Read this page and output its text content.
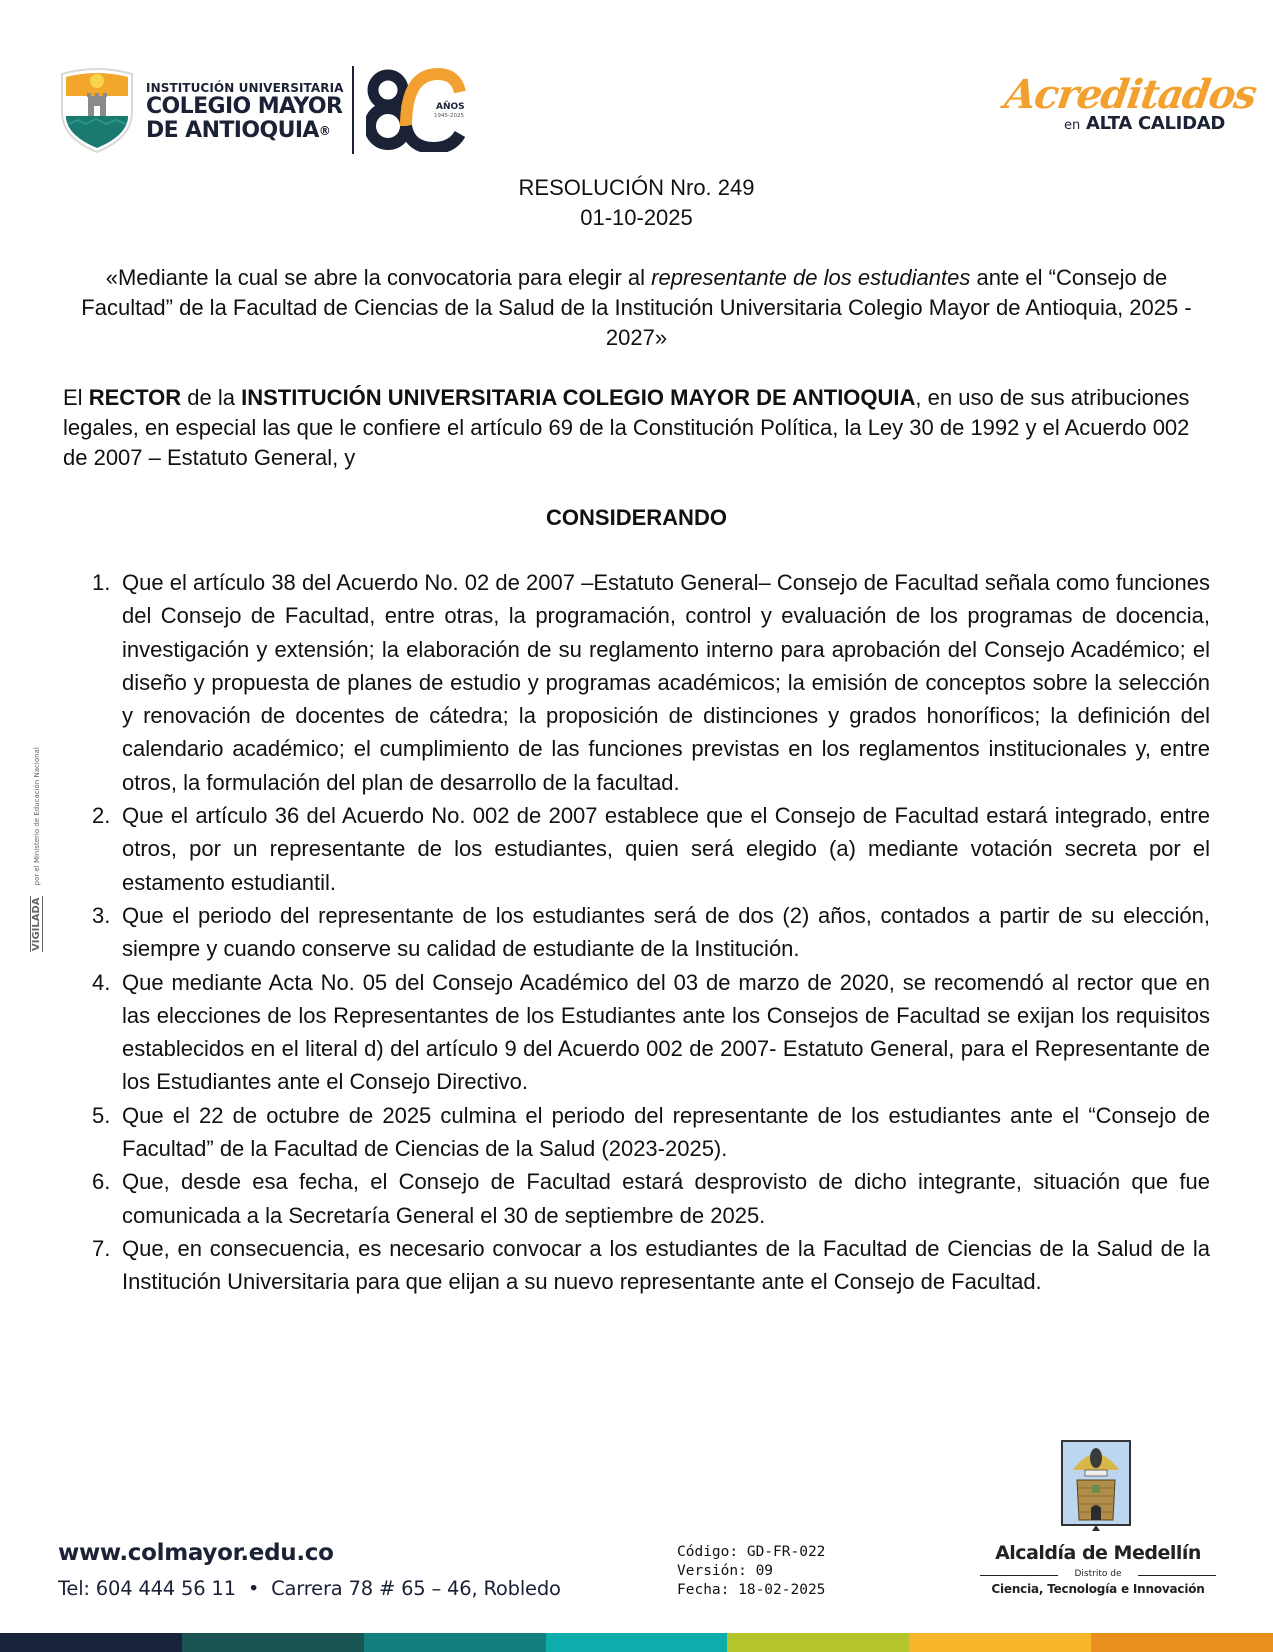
INSTITUCIÓN UNIVERSITARIA
COLEGIO MAYOR
DE ANTIOQUIA®
AÑOS
1945-2025	Acreditados
en ALTA CALIDAD
VIGILADA por el Ministerio de Educación Nacional
RESOLUCIÓN Nro. 249
01-10-2025
«Mediante la cual se abre la convocatoria para elegir al representante de los estudiantes ante el “Consejo de Facultad” de la Facultad de Ciencias de la Salud de la Institución Universitaria Colegio Mayor de Antioquia, 2025 - 2027»
El RECTOR de la INSTITUCIÓN UNIVERSITARIA COLEGIO MAYOR DE ANTIOQUIA, en uso de sus atribuciones legales, en especial las que le confiere el artículo 69 de la Constitución Política, la Ley 30 de 1992 y el Acuerdo 002 de 2007 – Estatuto General, y
CONSIDERANDO
1. Que el artículo 38 del Acuerdo No. 02 de 2007 –Estatuto General– Consejo de Facultad señala como funciones del Consejo de Facultad, entre otras, la programación, control y evaluación de los programas de docencia, investigación y extensión; la elaboración de su reglamento interno para aprobación del Consejo Académico; el diseño y propuesta de planes de estudio y programas académicos; la emisión de conceptos sobre la selección y renovación de docentes de cátedra; la proposición de distinciones y grados honoríficos; la definición del calendario académico; el cumplimiento de las funciones previstas en los reglamentos institucionales y, entre otros, la formulación del plan de desarrollo de la facultad.
2. Que el artículo 36 del Acuerdo No. 002 de 2007 establece que el Consejo de Facultad estará integrado, entre otros, por un representante de los estudiantes, quien será elegido (a) mediante votación secreta por el estamento estudiantil.
3. Que el periodo del representante de los estudiantes será de dos (2) años, contados a partir de su elección, siempre y cuando conserve su calidad de estudiante de la Institución.
4. Que mediante Acta No. 05 del Consejo Académico del 03 de marzo de 2020, se recomendó al rector que en las elecciones de los Representantes de los Estudiantes ante los Consejos de Facultad se exijan los requisitos establecidos en el literal d) del artículo 9 del Acuerdo 002 de 2007- Estatuto General, para el Representante de los Estudiantes ante el Consejo Directivo.
5. Que el 22 de octubre de 2025 culmina el periodo del representante de los estudiantes ante el “Consejo de Facultad” de la Facultad de Ciencias de la Salud (2023-2025).
6. Que, desde esa fecha, el Consejo de Facultad estará desprovisto de dicho integrante, situación que fue comunicada a la Secretaría General el 30 de septiembre de 2025.
7. Que, en consecuencia, es necesario convocar a los estudiantes de la Facultad de Ciencias de la Salud de la Institución Universitaria para que elijan a su nuevo representante ante el Consejo de Facultad.
www.colmayor.edu.co
Tel: 604 444 56 11  •  Carrera 78 # 65 – 46, Robledo
Código: GD-FR-022
Versión: 09
Fecha: 18-02-2025
Alcaldía de Medellín
Distrito de
Ciencia, Tecnología e Innovación
